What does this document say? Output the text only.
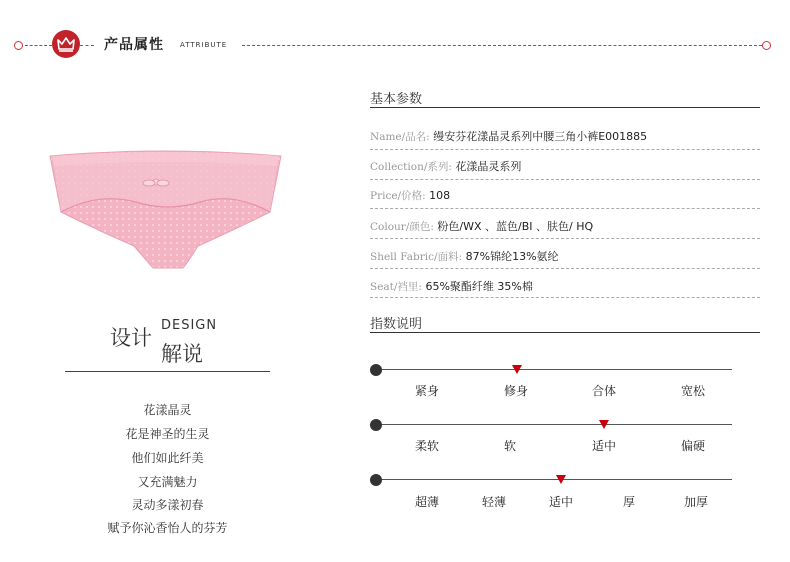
产品属性 ATTRIBUTE
设计
DESIGN
解说
花漾晶灵
花是神圣的生灵
他们如此纤美
又充满魅力
灵动多漾初春
赋予你沁香怡人的芬芳
基本参数
Name/品名: 缦安芬花漾晶灵系列中腰三角小裤E001885
Collection/系列: 花漾晶灵系列
Price/价格: 108
Colour/颜色: 粉色/WX 、蓝色/BI 、肤色/ HQ
Shell Fabric/面料: 87%锦纶13%氨纶
Seat/裆里: 65%聚酯纤维 35%棉
指数说明
紧身	修身	合体	宽松
柔软	软	适中	偏硬
超薄	轻薄	适中	厚	加厚
